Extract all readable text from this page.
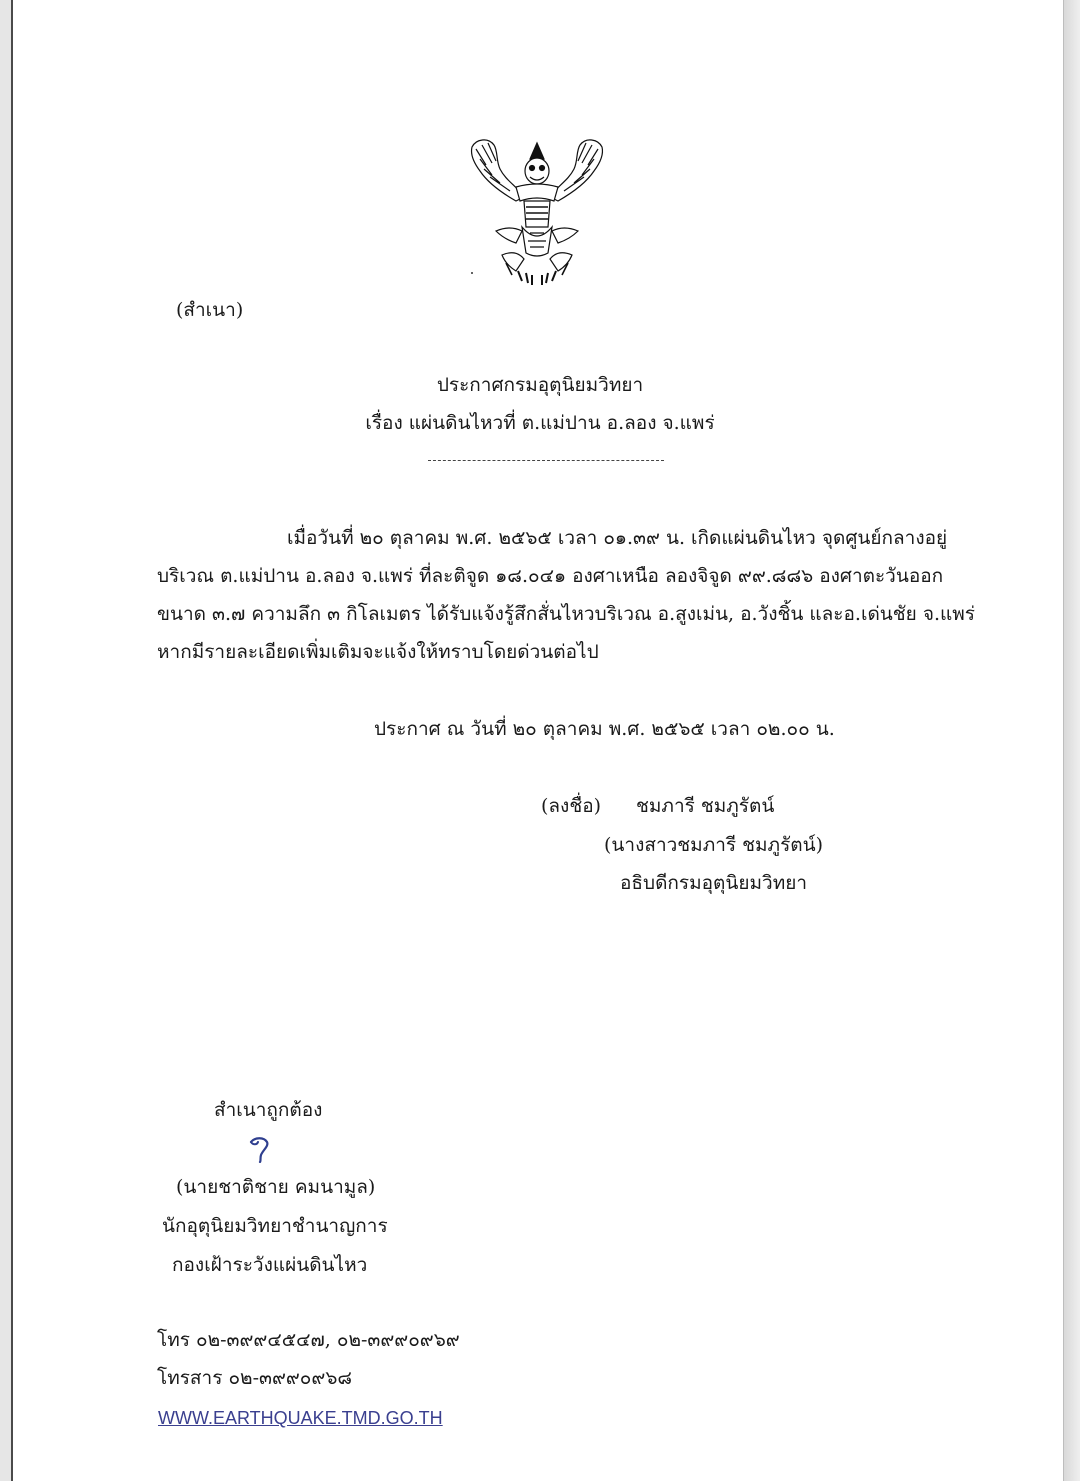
(สำเนา)
ประกาศกรมอุตุนิยมวิทยา
เรื่อง แผ่นดินไหวที่ ต.แม่ปาน อ.ลอง จ.แพร่
เมื่อวันที่ ๒๐ ตุลาคม พ.ศ. ๒๕๖๕ เวลา ๐๑.๓๙ น. เกิดแผ่นดินไหว จุดศูนย์กลางอยู่
บริเวณ ต.แม่ปาน อ.ลอง จ.แพร่ ที่ละติจูด ๑๘.๐๔๑ องศาเหนือ ลองจิจูด ๙๙.๘๘๖ องศาตะวันออก
ขนาด ๓.๗ ความลึก ๓ กิโลเมตร ได้รับแจ้งรู้สึกสั่นไหวบริเวณ อ.สูงเม่น, อ.วังชิ้น และอ.เด่นชัย จ.แพร่
หากมีรายละเอียดเพิ่มเติมจะแจ้งให้ทราบโดยด่วนต่อไป
ประกาศ ณ วันที่ ๒๐ ตุลาคม พ.ศ. ๒๕๖๕ เวลา ๐๒.๐๐ น.
(ลงชื่อ) ชมภารี ชมภูรัตน์
(นางสาวชมภารี ชมภูรัตน์)
อธิบดีกรมอุตุนิยมวิทยา
สำเนาถูกต้อง
(นายชาติชาย คมนามูล)
นักอุตุนิยมวิทยาชำนาญการ
กองเฝ้าระวังแผ่นดินไหว
โทร ๐๒-๓๙๙๔๕๔๗, ๐๒-๓๙๙๐๙๖๙
โทรสาร ๐๒-๓๙๙๐๙๖๘
WWW.EARTHQUAKE.TMD.GO.TH
